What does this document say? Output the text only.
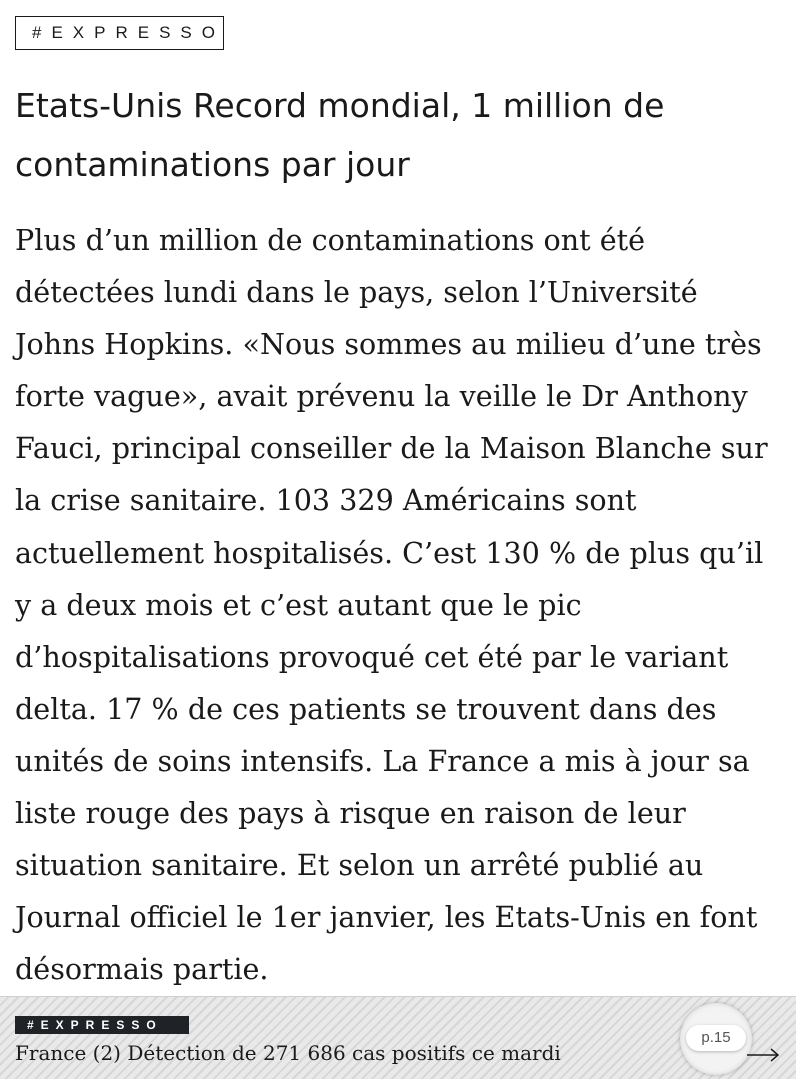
#EXPRESSO
Etats-Unis Record mondial, 1 million de contaminations par jour

Plus d’un million de contaminations ont été détectées lundi dans le pays, selon l’Université Johns Hopkins. «Nous sommes au milieu d’une très forte vague», avait prévenu la veille le Dr Anthony Fauci, principal conseiller de la Maison Blanche sur la crise sanitaire. 103 329 Américains sont actuellement hospitalisés. C’est 130 % de plus qu’il y a deux mois et c’est autant que le pic d’hospitalisations provoqué cet été par le variant delta. 17 % de ces patients se trouvent dans des unités de soins intensifs. La France a mis à jour sa liste rouge des pays à risque en raison de leur situation sanitaire. Et selon un arrêté publié au Journal officiel le 1er janvier, les Etats-Unis en font désormais partie.

#EXPRESSO
France (2) Détection de 271 686 cas positifs ce mardi
p.15
